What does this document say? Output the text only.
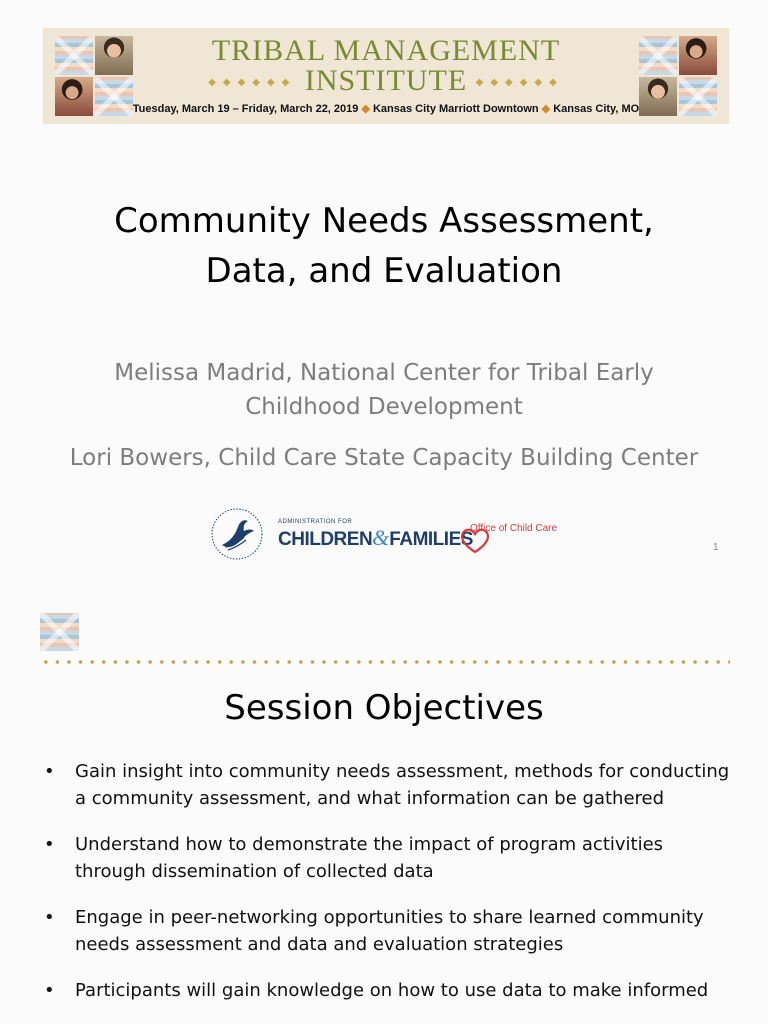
TRIBAL MANAGEMENT
◆◆◆◆◆◆ INSTITUTE ◆◆◆◆◆◆
Tuesday, March 19 – Friday, March 22, 2019 ◆ Kansas City Marriott Downtown ◆ Kansas City, MO
Community Needs Assessment,
Data, and Evaluation
Melissa Madrid, National Center for Tribal Early
Childhood Development
Lori Bowers, Child Care State Capacity Building Center
ADMINISTRATION FOR
CHILDREN&FAMILIES
Office of Child Care
1
Session Objectives
• Gain insight into community needs assessment, methods for conducting a community assessment, and what information can be gathered
• Understand how to demonstrate the impact of program activities through dissemination of collected data
• Engage in peer-networking opportunities to share learned community needs assessment and data and evaluation strategies
• Participants will gain knowledge on how to use data to make informed
